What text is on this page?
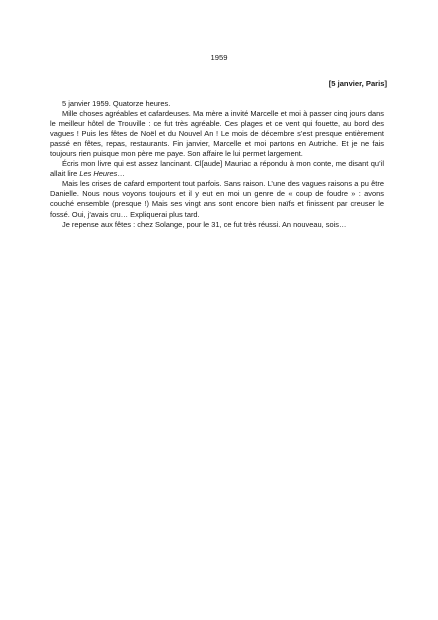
1959
[5 janvier, Paris]

5 janvier 1959. Quatorze heures.

Mille choses agréables et cafardeuses. Ma mère a invité Marcelle et moi à passer cinq jours dans le meilleur hôtel de Trouville : ce fut très agréable. Ces plages et ce vent qui fouette, au bord des vagues ! Puis les fêtes de Noël et du Nouvel An ! Le mois de décembre s’est presque entièrement passé en fêtes, repas, restaurants. Fin janvier, Marcelle et moi partons en Autriche. Et je ne fais toujours rien puisque mon père me paye. Son affaire le lui permet largement.

Écris mon livre qui est assez lancinant. Cl[aude] Mauriac a répondu à mon conte, me disant qu’il allait lire Les Heures…

Mais les crises de cafard emportent tout parfois. Sans raison. L’une des vagues raisons a pu être Danielle. Nous nous voyons toujours et il y eut en moi un genre de « coup de foudre » : avons couché ensemble (presque !) Mais ses vingt ans sont encore bien naïfs et finissent par creuser le fossé. Oui, j’avais cru… Expliquerai plus tard.

Je repense aux fêtes : chez Solange, pour le 31, ce fut très réussi. An nouveau, sois…
